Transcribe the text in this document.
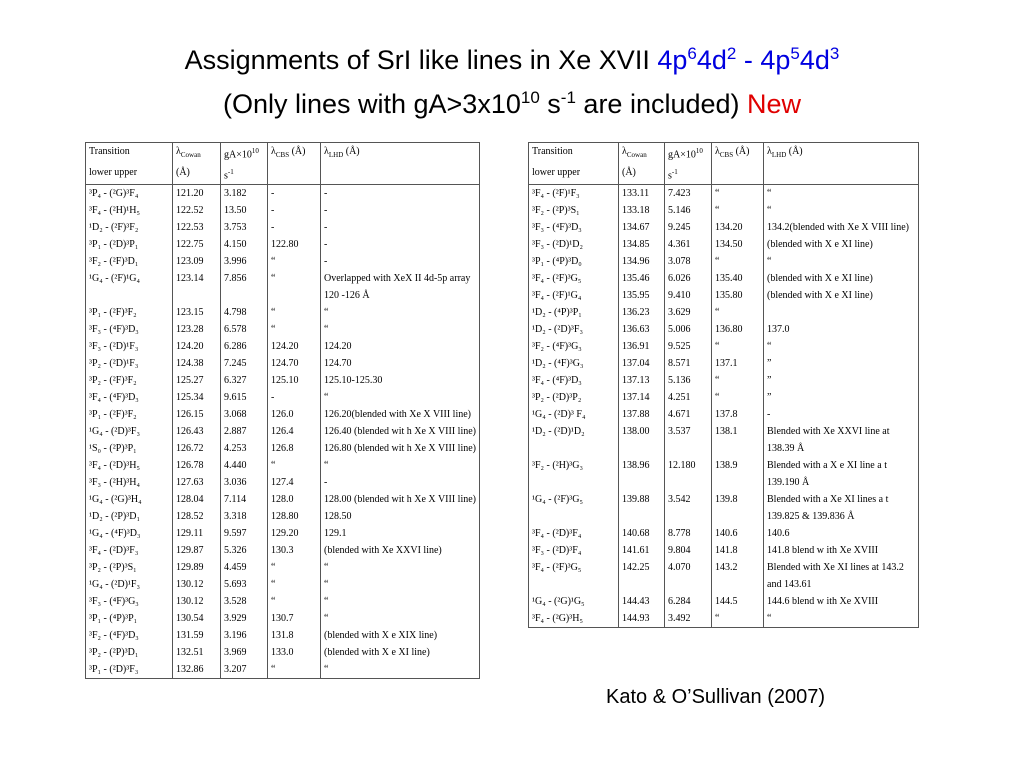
Assignments of SrI like lines in Xe XVII $4p^64d^2 - 4p^54d^3$
(Only lines with $gA>3x10^{10}$ $s^{-1}$ are included) New
Transition	$\lambda_{Cowan}$	$gA\times 10^{10}$	$\lambda_{CBS}$ (Å)	$\lambda_{LHD}$ (Å)
lower upper	(Å)	$s^{-1}$		
³P₄ - (²G)³F₄	121.20	3.182	-	-
³F₄ - (²H)¹H₅	122.52	13.50	-	-
¹D₂ - (²F)³F₂	122.53	3.753	-	-
³P₁ - (²D)³P₁	122.75	4.150	122.80	-
³F₂ - (²F)³D₁	123.09	3.996	“	-
¹G₄ - (²F)¹G₄	123.14	7.856	“	Overlapped with XeX II 4d-5p array 120 -126 Å
³P₁ - (²F)³F₂	123.15	4.798	“	“
³F₃ - (⁴F)³D₃	123.28	6.578	“	“
³F₃ - (²D)¹F₃	124.20	6.286	124.20	124.20
³P₂ - (²D)¹F₃	124.38	7.245	124.70	124.70
³P₂ - (²F)³F₂	125.27	6.327	125.10	125.10-125.30
³F₄ - (⁴F)³D₃	125.34	9.615	-	“
³P₁ - (²F)³F₂	126.15	3.068	126.0	126.20(blended with Xe X VIII line)
¹G₄ - (²D)³F₃	126.43	2.887	126.4	126.40 (blended wit h Xe X VIII line)
¹S₀ - (²P)³P₁	126.72	4.253	126.8	126.80 (blended wit h Xe X VIII line)
³F₄ - (²D)³H₅	126.78	4.440	“	“
³F₃ - (²H)³H₄	127.63	3.036	127.4	-
¹G₄ - (²G)³H₄	128.04	7.114	128.0	128.00 (blended wit h Xe X VIII line)
¹D₂ - (²P)³D₁	128.52	3.318	128.80	128.50
¹G₄ - (⁴F)³D₃	129.11	9.597	129.20	129.1
³F₄ - (²D)³F₃	129.87	5.326	130.3	(blended with Xe XXVI line)
³P₂ - (²P)³S₁	129.89	4.459	“	“
¹G₄ - (²D)¹F₃	130.12	5.693	“	“
³F₃ - (⁴F)³G₃	130.12	3.528	“	“
³P₁ - (⁴P)³P₁	130.54	3.929	130.7	“
³F₂ - (⁴F)³D₃	131.59	3.196	131.8	(blended with X e XIX line)
³P₂ - (²P)³D₁	132.51	3.969	133.0	(blended with X e XI line)
³P₁ - (²D)³F₃	132.86	3.207	“	“
Transition	$\lambda_{Cowan}$	$gA\times 10^{10}$	$\lambda_{CBS}$ (Å)	$\lambda_{LHD}$ (Å)
lower upper	(Å)	$s^{-1}$		
³F₄ - (²F)¹F₃	133.11	7.423	“	“
³F₂ - (²P)³S₁	133.18	5.146	“	“
³F₃ - (⁴F)³D₃	134.67	9.245	134.20	134.2(blended with Xe X VIII line)
³F₃ - (²D)¹D₂	134.85	4.361	134.50	(blended with X e XI line)
³P₁ - (⁴P)³D₀	134.96	3.078	“	“
³F₄ - (²F)³G₅	135.46	6.026	135.40	(blended with X e XI line)
³F₄ - (²F)¹G₄	135.95	9.410	135.80	(blended with X e XI line)
¹D₂ - (⁴P)³P₁	136.23	3.629	“	
¹D₂ - (²D)³F₃	136.63	5.006	136.80	137.0
³F₂ - (⁴F)³G₃	136.91	9.525	“	“
¹D₂ - (⁴F)³G₃	137.04	8.571	137.1	”
³F₄ - (⁴F)³D₃	137.13	5.136	“	”
³P₂ - (²D)³P₂	137.14	4.251	“	”
¹G₄ - (²D)³ F₄	137.88	4.671	137.8	-
¹D₂ - (²D)¹D₂	138.00	3.537	138.1	Blended with Xe XXVI line at 138.39 Å
³F₂ - (²H)³G₃	138.96	12.180	138.9	Blended with a X e XI line a t 139.190 Å
¹G₄ - (²F)³G₅	139.88	3.542	139.8	Blended with a Xe XI lines a t 139.825 & 139.836 Å
³F₄ - (²D)³F₄	140.68	8.778	140.6	140.6
³F₃ - (²D)³F₄	141.61	9.804	141.8	141.8 blend w ith Xe XVIII
³F₄ - (²F)³G₅	142.25	4.070	143.2	Blended with Xe XI lines at 143.2 and 143.61
¹G₄ - (²G)¹G₅	144.43	6.284	144.5	144.6 blend w ith Xe XVIII
³F₄ - (²G)³H₅	144.93	3.492	“	“
Kato & O’Sullivan (2007)
